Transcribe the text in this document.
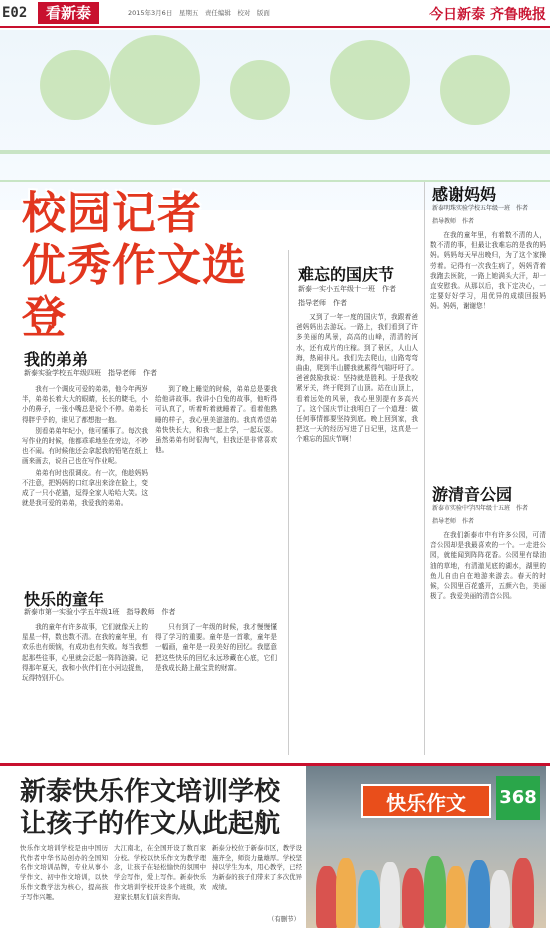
E02	看新泰	2015年3月6日　星期五　责任编辑　校对　版面	今日新泰 齐鲁晚报
校园记者
优秀作文选登
我的弟弟
新泰实验学校五年级四班　指导老师　作者

我有一个调皮可爱的弟弟，他今年两岁半，弟弟长着大大的眼睛，长长的睫毛，小小的鼻子，一张小嘴总是说个不停。弟弟长得胖乎乎的，谁见了都想抱一抱。

别看弟弟年纪小，他可懂事了。每次我写作业的时候，他都乖乖地坐在旁边，不吵也不闹。有时候他还会拿起我的铅笔在纸上画来画去，说自己也在写作业呢。

弟弟有时也很调皮。有一次，他趁妈妈不注意，把妈妈的口红拿出来涂在脸上，变成了一只小花猫，逗得全家人哈哈大笑。这就是我可爱的弟弟，我爱我的弟弟。

到了晚上睡觉的时候，弟弟总是要我给他讲故事。我讲小白兔的故事，他听得可认真了，听着听着就睡着了。看着他熟睡的样子，我心里美滋滋的。我真希望弟弟快快长大，和我一起上学，一起玩耍。虽然弟弟有时很淘气，但我还是非常喜欢他。

快乐的童年
新泰市第一实验小学五年级1班　指导教师　作者

我的童年有许多故事，它们就像天上的星星一样，数也数不清。在我的童年里，有欢乐也有烦恼，有成功也有失败。每当我想起那些往事，心里就会泛起一阵阵涟漪。记得那年夏天，我和小伙伴们在小河边捉鱼，玩得特别开心。

只有到了一年级的时候，我才慢慢懂得了学习的重要。童年是一首歌，童年是一幅画，童年是一段美好的回忆。我愿意把这些快乐的回忆永远珍藏在心底，它们是我成长路上最宝贵的财富。

难忘的国庆节
新泰一实小五年级十一班　作者
指导老师　作者

又到了一年一度的国庆节，我跟着爸爸妈妈出去游玩。一路上，我们看到了许多美丽的风景，高高的山峰，清清的河水，还有成片的庄稼。到了景区，人山人海，热闹非凡。我们先去爬山，山路弯弯曲曲，爬到半山腰我就累得气喘吁吁了。爸爸鼓励我说：坚持就是胜利。于是我咬紧牙关，终于爬到了山顶。站在山顶上，看着远处的风景，我心里别提有多高兴了。这个国庆节让我明白了一个道理：做任何事情都要坚持到底。晚上回到家，我把这一天的经历写进了日记里，这真是一个难忘的国庆节啊！

感谢妈妈
新泰明珠实验学校五年级一班　作者
指导教师　作者

在我的童年里，有着数不清的人，数不清的事，但最让我难忘的是我的妈妈。妈妈每天早出晚归，为了这个家操劳着。记得有一次我生病了，妈妈背着我跑去医院，一路上她满头大汗，却一直安慰我。从那以后，我下定决心，一定要好好学习，用优异的成绩回报妈妈。妈妈，谢谢您！

游清音公园
新泰市实验中学四年级十五班　作者
指导老师　作者

在我们新泰市中有许多公园，可清音公园却是我最喜欢的一个。一走进公园，就能闻到阵阵花香。公园里有绿油油的草地，有清澈见底的湖水，湖里的鱼儿自由自在地游来游去。春天的时候，公园里百花盛开，五颜六色，美丽极了。我爱美丽的清音公园。

新泰快乐作文培训学校
让孩子的作文从此起航
快乐作文培训学校是由中国历代作者中华书局创办的全国知名作文培训品牌，专业从事小学作文、初中作文培训，以快乐作文教学法为核心，提高孩子写作兴趣。
大江南北，在全国开设了数百家分校。学校以快乐作文为教学理念，让孩子在轻松愉快的氛围中学会写作，爱上写作。新泰快乐作文培训学校开设多个班级，欢迎家长朋友们前来咨询。
新泰分校位于新泰市区，教学设施齐全，师资力量雄厚。学校坚持以学生为本，用心教学，已经为新泰的孩子们带来了多次优异成绩。
（有删节）
快乐作文	368
